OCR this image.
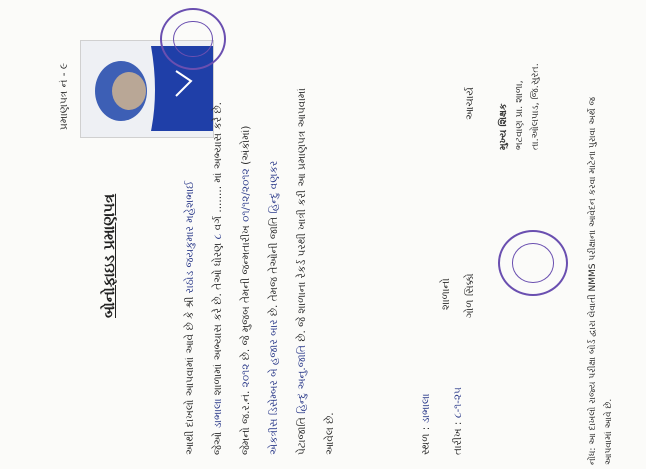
પ્રમાણપત્ર નં - ૯
બોનોફાઇડ પ્રમાણપત્ર
આથી દાખલો આપવામાં આવે છે કે શ્રી રાઠોડ જયકુમાર મહેશભાઈ
જેઓ ડાભાલા શાળામાં અભ્યાસ કરે છે. તેઓ ધોરણ ૮ વર્ગ ........ માં અભ્યાસ કરે છે.
જેમનો જ.ર.નં. ૨૦૧૨ છે. જે મુજબ તેમની જન્મતારીખ ૦૧/૧૨/૨૦૧૨ (અંકોમાં)
એકત્રીસ ડિસેમ્બર બે હજાર બાર છે. તેમજ તેઓની જાતિ હિન્દુ વણકર
પેટાજાતિ હિન્દુ અનુ.જાતિ છે. જે શાળાના રેકર્ડ પરથી ખાત્રી કરી આ પ્રમાણપત્ર આપવામાં
આવેલ છે.	સ્થળ : ડાભાલા
તારીખ : ૮-૧-૨૫
શાળાનો ગોળ સિક્કો
આચાર્ય મુખ્ય શિક્ષક ભટવાણ પ્રા. શાળા, તા.ઓલપાડ, જિ.સુરત.	નોંધ: આ દાખલો રાજ્ય પરીક્ષા બોર્ડ દ્વારા લેવાતી NMMS પરીક્ષાના આવેદન કરવા માટેના પુરાવા અર્થે જ આપવામાં આવે છે.
